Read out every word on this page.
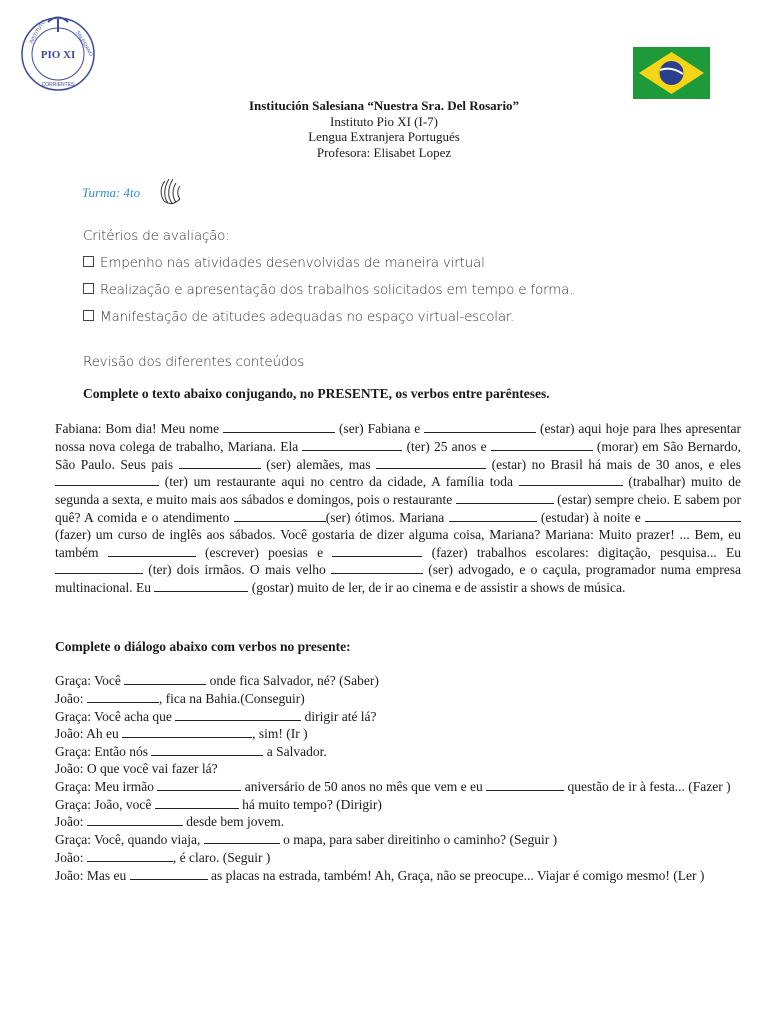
PIO XI
CORRIENTES
INSTITUTO	SALESIANO
Institución Salesiana “Nuestra Sra. Del Rosario”
Instituto Pio XI (I-7)
Lengua Extranjera Portugués
Profesora: Elisabet Lopez
Turma: 4to
Critérios de avaliação:
Empenho nas atividades desenvolvidas de maneira virtual
Realização e apresentação dos trabalhos solicitados em tempo e forma.
Manifestação de atitudes adequadas no espaço virtual-escolar.
Revisão dos diferentes conteúdos
Complete o texto abaixo conjugando, no PRESENTE, os verbos entre parênteses.
Fabiana: Bom dia! Meu nome	(ser) Fabiana e	(estar) aqui hoje para lhes apresentar nossa nova colega de trabalho, Mariana. Ela	(ter) 25 anos e	(morar) em São Bernardo, São Paulo. Seus pais	(ser) alemães, mas	(estar) no Brasil há mais de 30 anos, e eles  (ter) um restaurante aqui no centro da cidade, A família toda	(trabalhar) muito de segunda a sexta, e muito mais aos sábados e domingos, pois o restaurante	(estar) sempre cheio. E sabem por quê? A comida e o atendimento	(ser) ótimos. Mariana	(estudar) à noite e  (fazer) um curso de inglês aos sábados. Você gostaria de dizer alguma coisa, Mariana? Mariana: Muito prazer! ... Bem, eu também	(escrever) poesias e	(fazer) trabalhos escolares: digitação, pesquisa... Eu  (ter) dois irmãos. O mais velho	(ser) advogado, e o caçula, programador numa empresa multinacional. Eu	(gostar) muito de ler, de ir ao cinema e de assistir a shows de música.
Complete o diálogo abaixo com verbos no presente:
Graça: Você	onde fica Salvador, né? (Saber)
João:	, fica na Bahia.(Conseguir)
Graça: Você acha que	dirigir até lá?
João: Ah eu	, sim! (Ir )
Graça: Então nós	a Salvador.
João: O que você vai fazer lá?
Graça: Meu irmão	aniversário de 50 anos no mês que vem e eu	questão de ir à festa... (Fazer )
Graça: João, você	há muito tempo? (Dirigir)
João:	desde bem jovem.
Graça: Você, quando viaja,	o mapa, para saber direitinho o caminho? (Seguir )
João:	, é claro. (Seguir )
João: Mas eu	as placas na estrada, também! Ah, Graça, não se preocupe... Viajar é comigo mesmo! (Ler )
